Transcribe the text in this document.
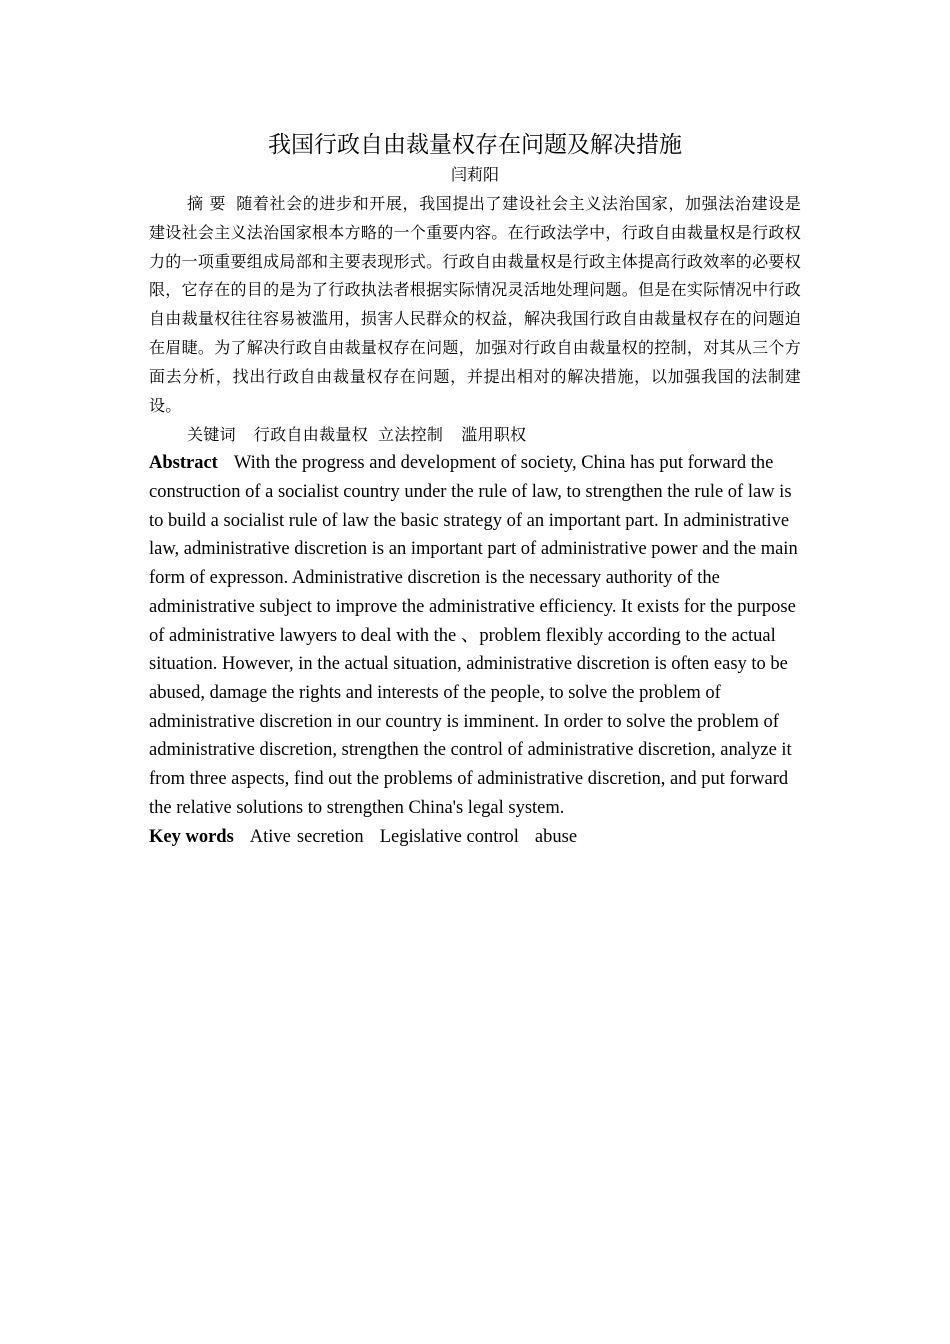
我国行政自由裁量权存在问题及解决措施

闫莉阳

摘 要 随着社会的进步和开展，我国提出了建设社会主义法治国家，加强法治建设是建设社会主义法治国家根本方略的一个重要内容。在行政法学中，行政自由裁量权是行政权力的一项重要组成局部和主要表现形式。行政自由裁量权是行政主体提高行政效率的必要权限，它存在的目的是为了行政执法者根据实际情况灵活地处理问题。但是在实际情况中行政自由裁量权往往容易被滥用，损害人民群众的权益，解决我国行政自由裁量权存在的问题迫在眉睫。为了解决行政自由裁量权存在问题，加强对行政自由裁量权的控制，对其从三个方面去分析，找出行政自由裁量权存在问题，并提出相对的解决措施，以加强我国的法制建设。

关键词 行政自由裁量权 立法控制 滥用职权

Abstract With the progress and development of society, China has put forward the construction of a socialist country under the rule of law, to strengthen the rule of law is to build a socialist rule of law the basic strategy of an important part. In administrative law, administrative discretion is an important part of administrative power and the main form of expresson. Administrative discretion is the necessary authority of the administrative subject to improve the administrative efficiency. It exists for the purpose of administrative lawyers to deal with the 、problem flexibly according to the actual situation. However, in the actual situation, administrative discretion is often easy to be abused, damage the rights and interests of the people, to solve the problem of administrative discretion in our country is imminent. In order to solve the problem of administrative discretion, strengthen the control of administrative discretion, analyze it from three aspects, find out the problems of administrative discretion, and put forward the relative solutions to strengthen China's legal system.

Key words Ative secretion Legislative control abuse
